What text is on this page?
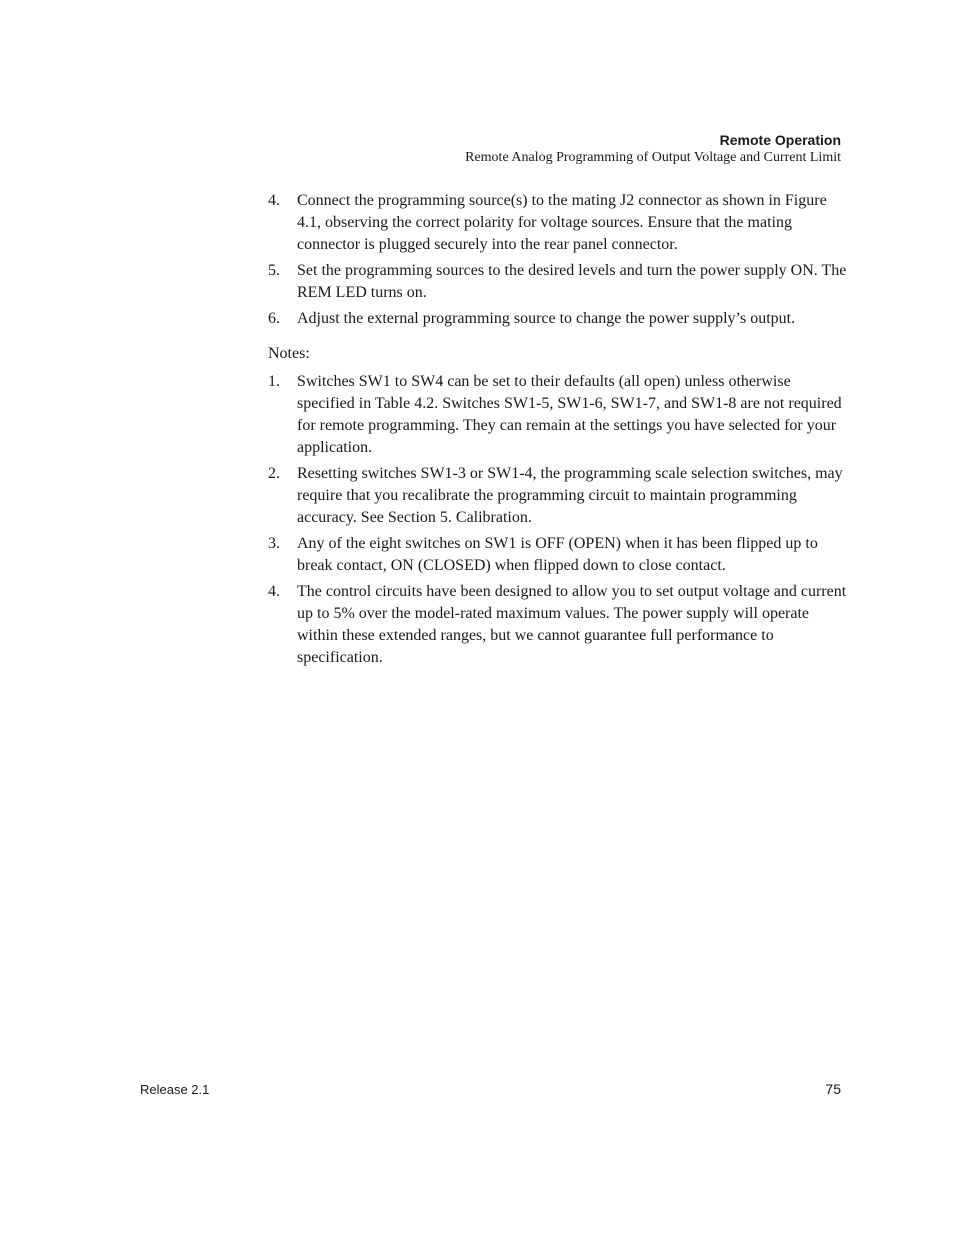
Remote Operation
Remote Analog Programming of Output Voltage and Current Limit
4.	Connect the programming source(s) to the mating J2 connector as shown in Figure 4.1, observing the correct polarity for voltage sources. Ensure that the mating connector is plugged securely into the rear panel connector.
5.	Set the programming sources to the desired levels and turn the power supply ON. The REM LED turns on.
6.	Adjust the external programming source to change the power supply’s output.
Notes:
1.	Switches SW1 to SW4 can be set to their defaults (all open) unless otherwise specified in Table 4.2. Switches SW1-5, SW1-6, SW1-7, and SW1-8 are not required for remote programming. They can remain at the settings you have selected for your application.
2.	Resetting switches SW1-3 or SW1-4, the programming scale selection switches, may require that you recalibrate the programming circuit to maintain programming accuracy. See Section 5. Calibration.
3.	Any of the eight switches on SW1 is OFF (OPEN) when it has been flipped up to break contact, ON (CLOSED) when flipped down to close contact.
4.	The control circuits have been designed to allow you to set output voltage and current up to 5% over the model-rated maximum values. The power supply will operate within these extended ranges, but we cannot guarantee full performance to specification.
Release 2.1	75
